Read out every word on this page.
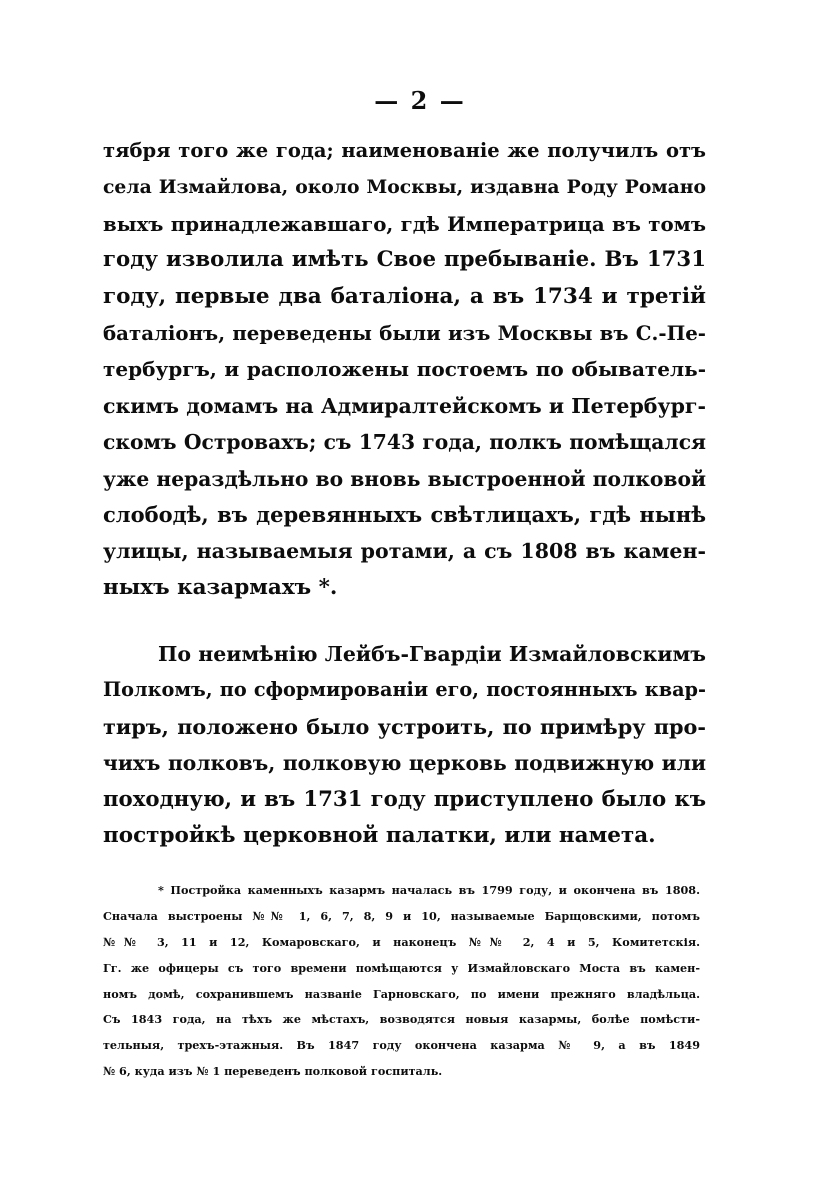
— 2 —
тября того же года; наименованіе же получилъ отъ
села Измайлова, около Москвы, издавна Роду Романо
выхъ принадлежавшаго, гдѣ Императрица въ томъ
году изволила имѣть Свое пребываніе. Въ 1731
году, первые два баталіона, а въ 1734 и третій
баталіонъ, переведены были изъ Москвы въ С.-Пе-
тербургъ, и расположены постоемъ по обыватель-
скимъ домамъ на Адмиралтейскомъ и Петербург-
скомъ Островахъ; съ 1743 года, полкъ помѣщался
уже нераздѣльно во вновь выстроенной полковой
слободѣ, въ деревянныхъ свѣтлицахъ, гдѣ нынѣ
улицы, называемыя ротами, а съ 1808 въ камен-
ныхъ казармахъ *.
По неимѣнію Лейбъ-Гвардіи Измайловскимъ
Полкомъ, по сформированіи его, постоянныхъ квар-
тиръ, положено было устроить, по примѣру про-
чихъ полковъ, полковую церковь подвижную или
походную, и въ 1731 году приступлено было къ
постройкѣ церковной палатки, или намета.
* Постройка каменныхъ казармъ началась въ 1799 году, и окончена въ 1808.
Сначала выстроены №№ 1, 6, 7, 8, 9 и 10, называемые Барщовскими, потомъ
№№ 3, 11 и 12, Комаровскаго, и наконецъ №№ 2, 4 и 5, Комитетскія.
Гг. же офицеры съ того времени помѣщаются у Измайловскаго Моста въ камен-
номъ домѣ, сохранившемъ названіе Гарновскаго, по имени прежняго владѣльца.
Съ 1843 года, на тѣхъ же мѣстахъ, возводятся новыя казармы, болѣе помѣсти-
тельныя, трехъ-этажныя. Въ 1847 году окончена казарма № 9, а въ 1849
№ 6, куда изъ № 1 переведенъ полковой госпиталь.
